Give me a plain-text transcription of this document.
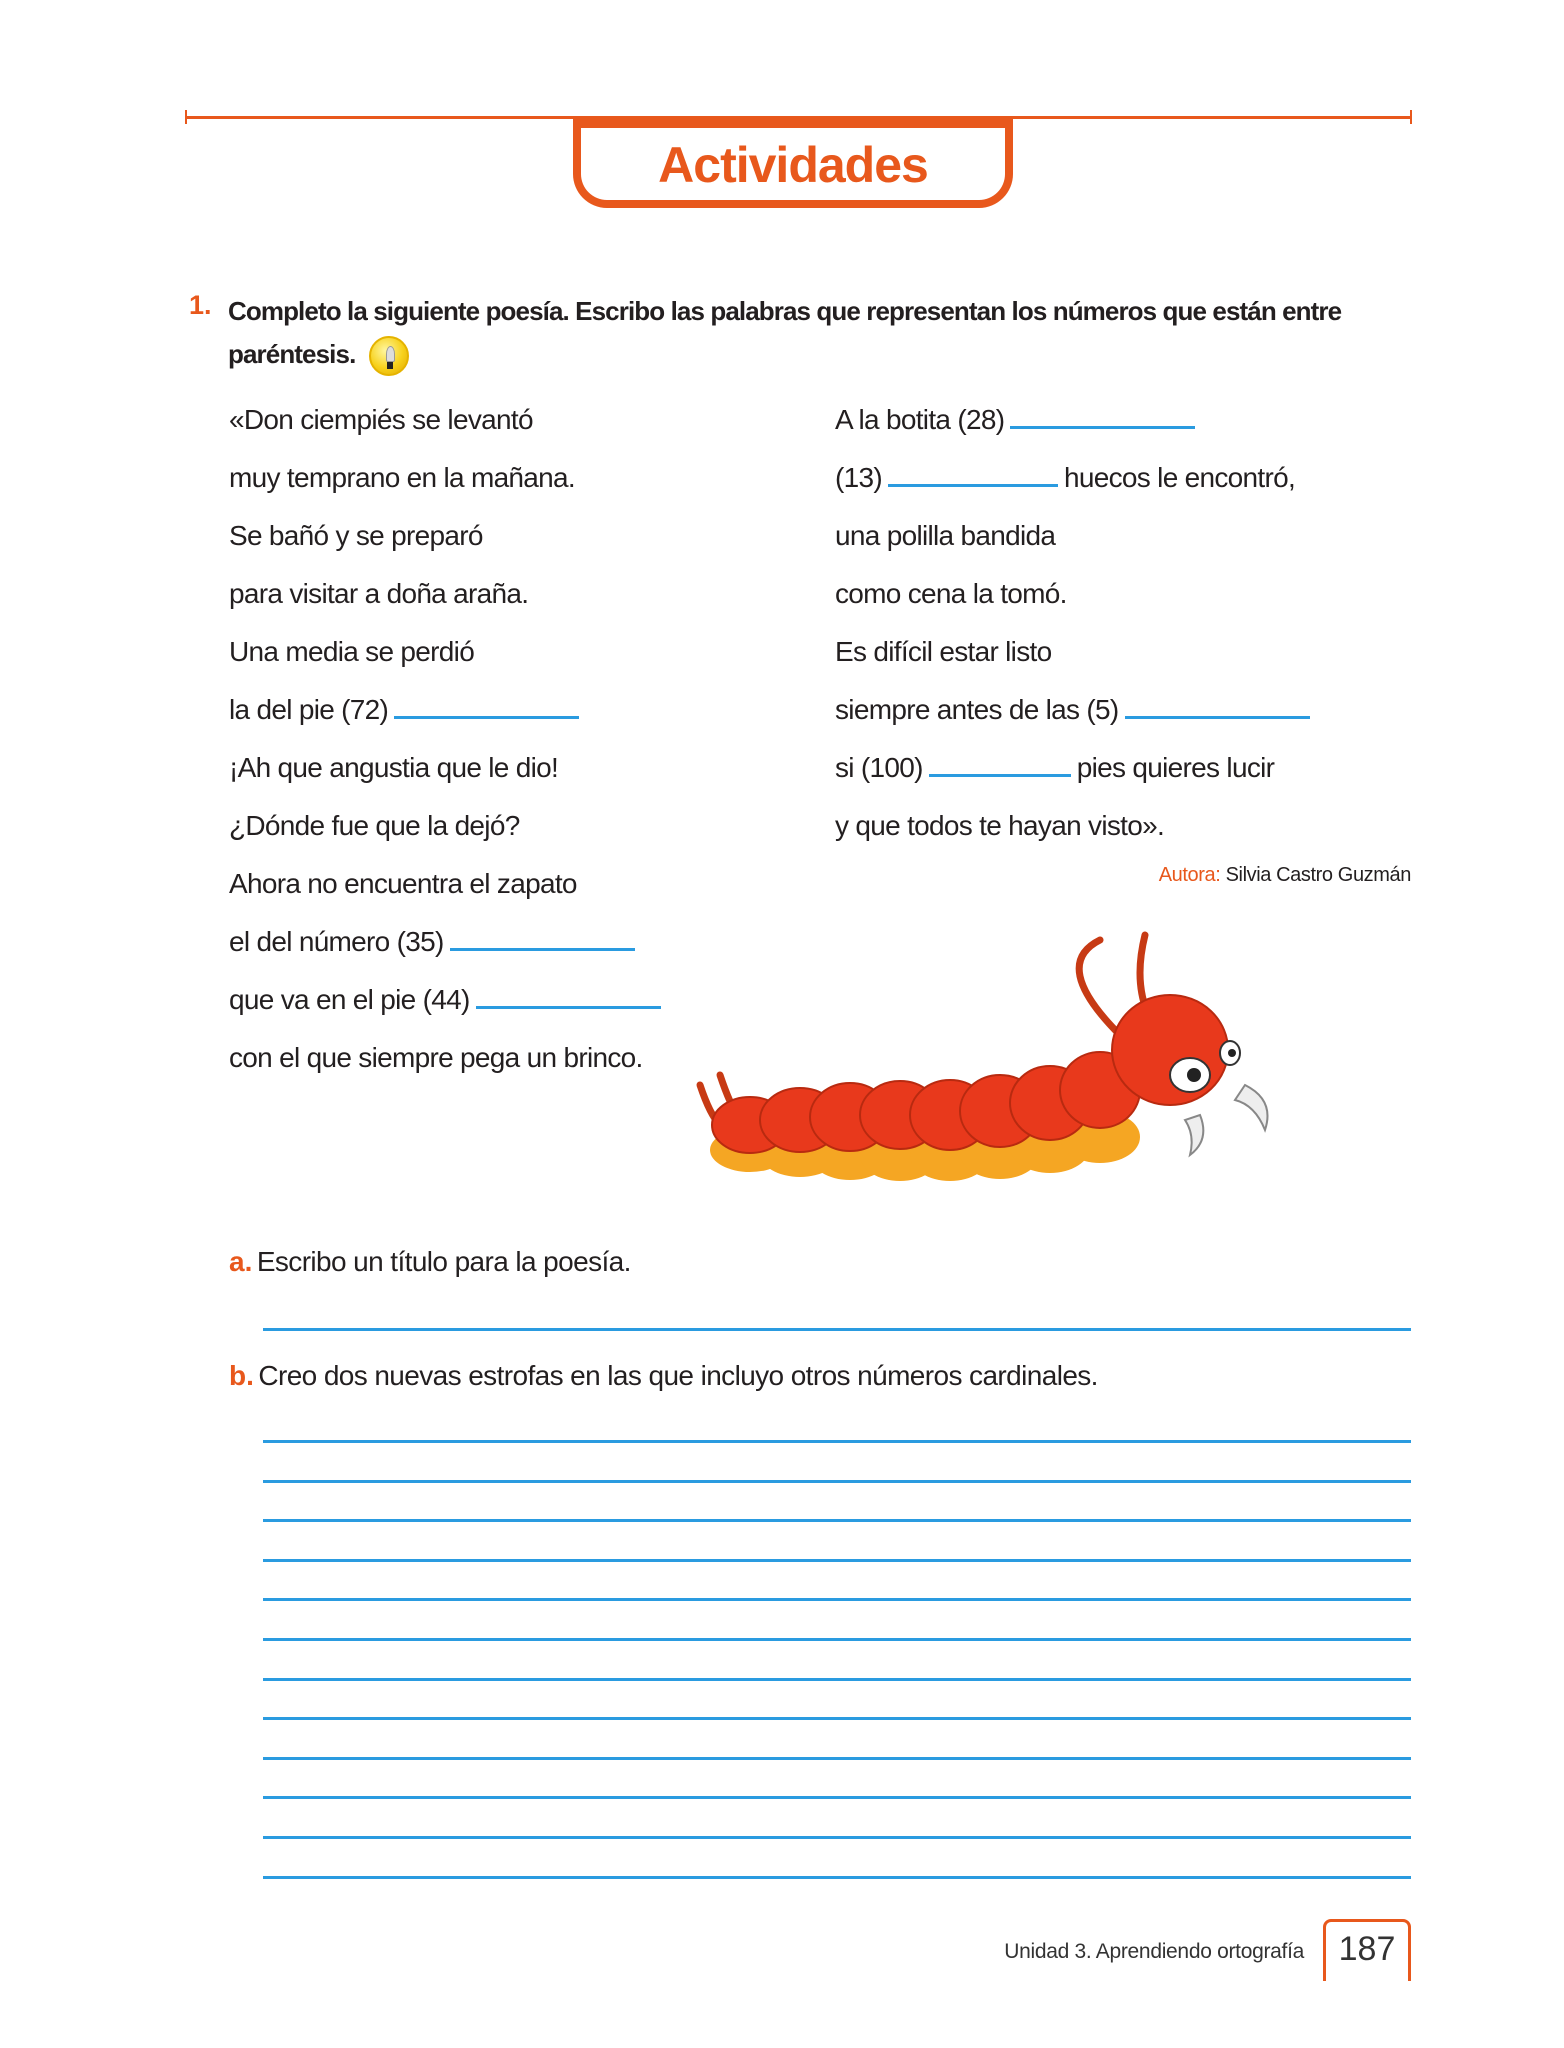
Actividades
1. Completo la siguiente poesía. Escribo las palabras que representan los números que están entre paréntesis.
«Don ciempiés se levantó
muy temprano en la mañana.
Se bañó y se preparó
para visitar a doña araña.
Una media se perdió
la del pie (72)
¡Ah que angustia que le dio!
¿Dónde fue que la dejó?
Ahora no encuentra el zapato
el del número (35)
que va en el pie (44)
con el que siempre pega un brinco.
A la botita (28)
(13)	huecos le encontró,
una polilla bandida
como cena la tomó.
Es difícil estar listo
siempre antes de las (5)
si (100)	pies quieres lucir
y que todos te hayan visto».
Autora: Silvia Castro Guzmán
a. Escribo un título para la poesía.
b. Creo dos nuevas estrofas en las que incluyo otros números cardinales.
Unidad 3. Aprendiendo ortografía	187
